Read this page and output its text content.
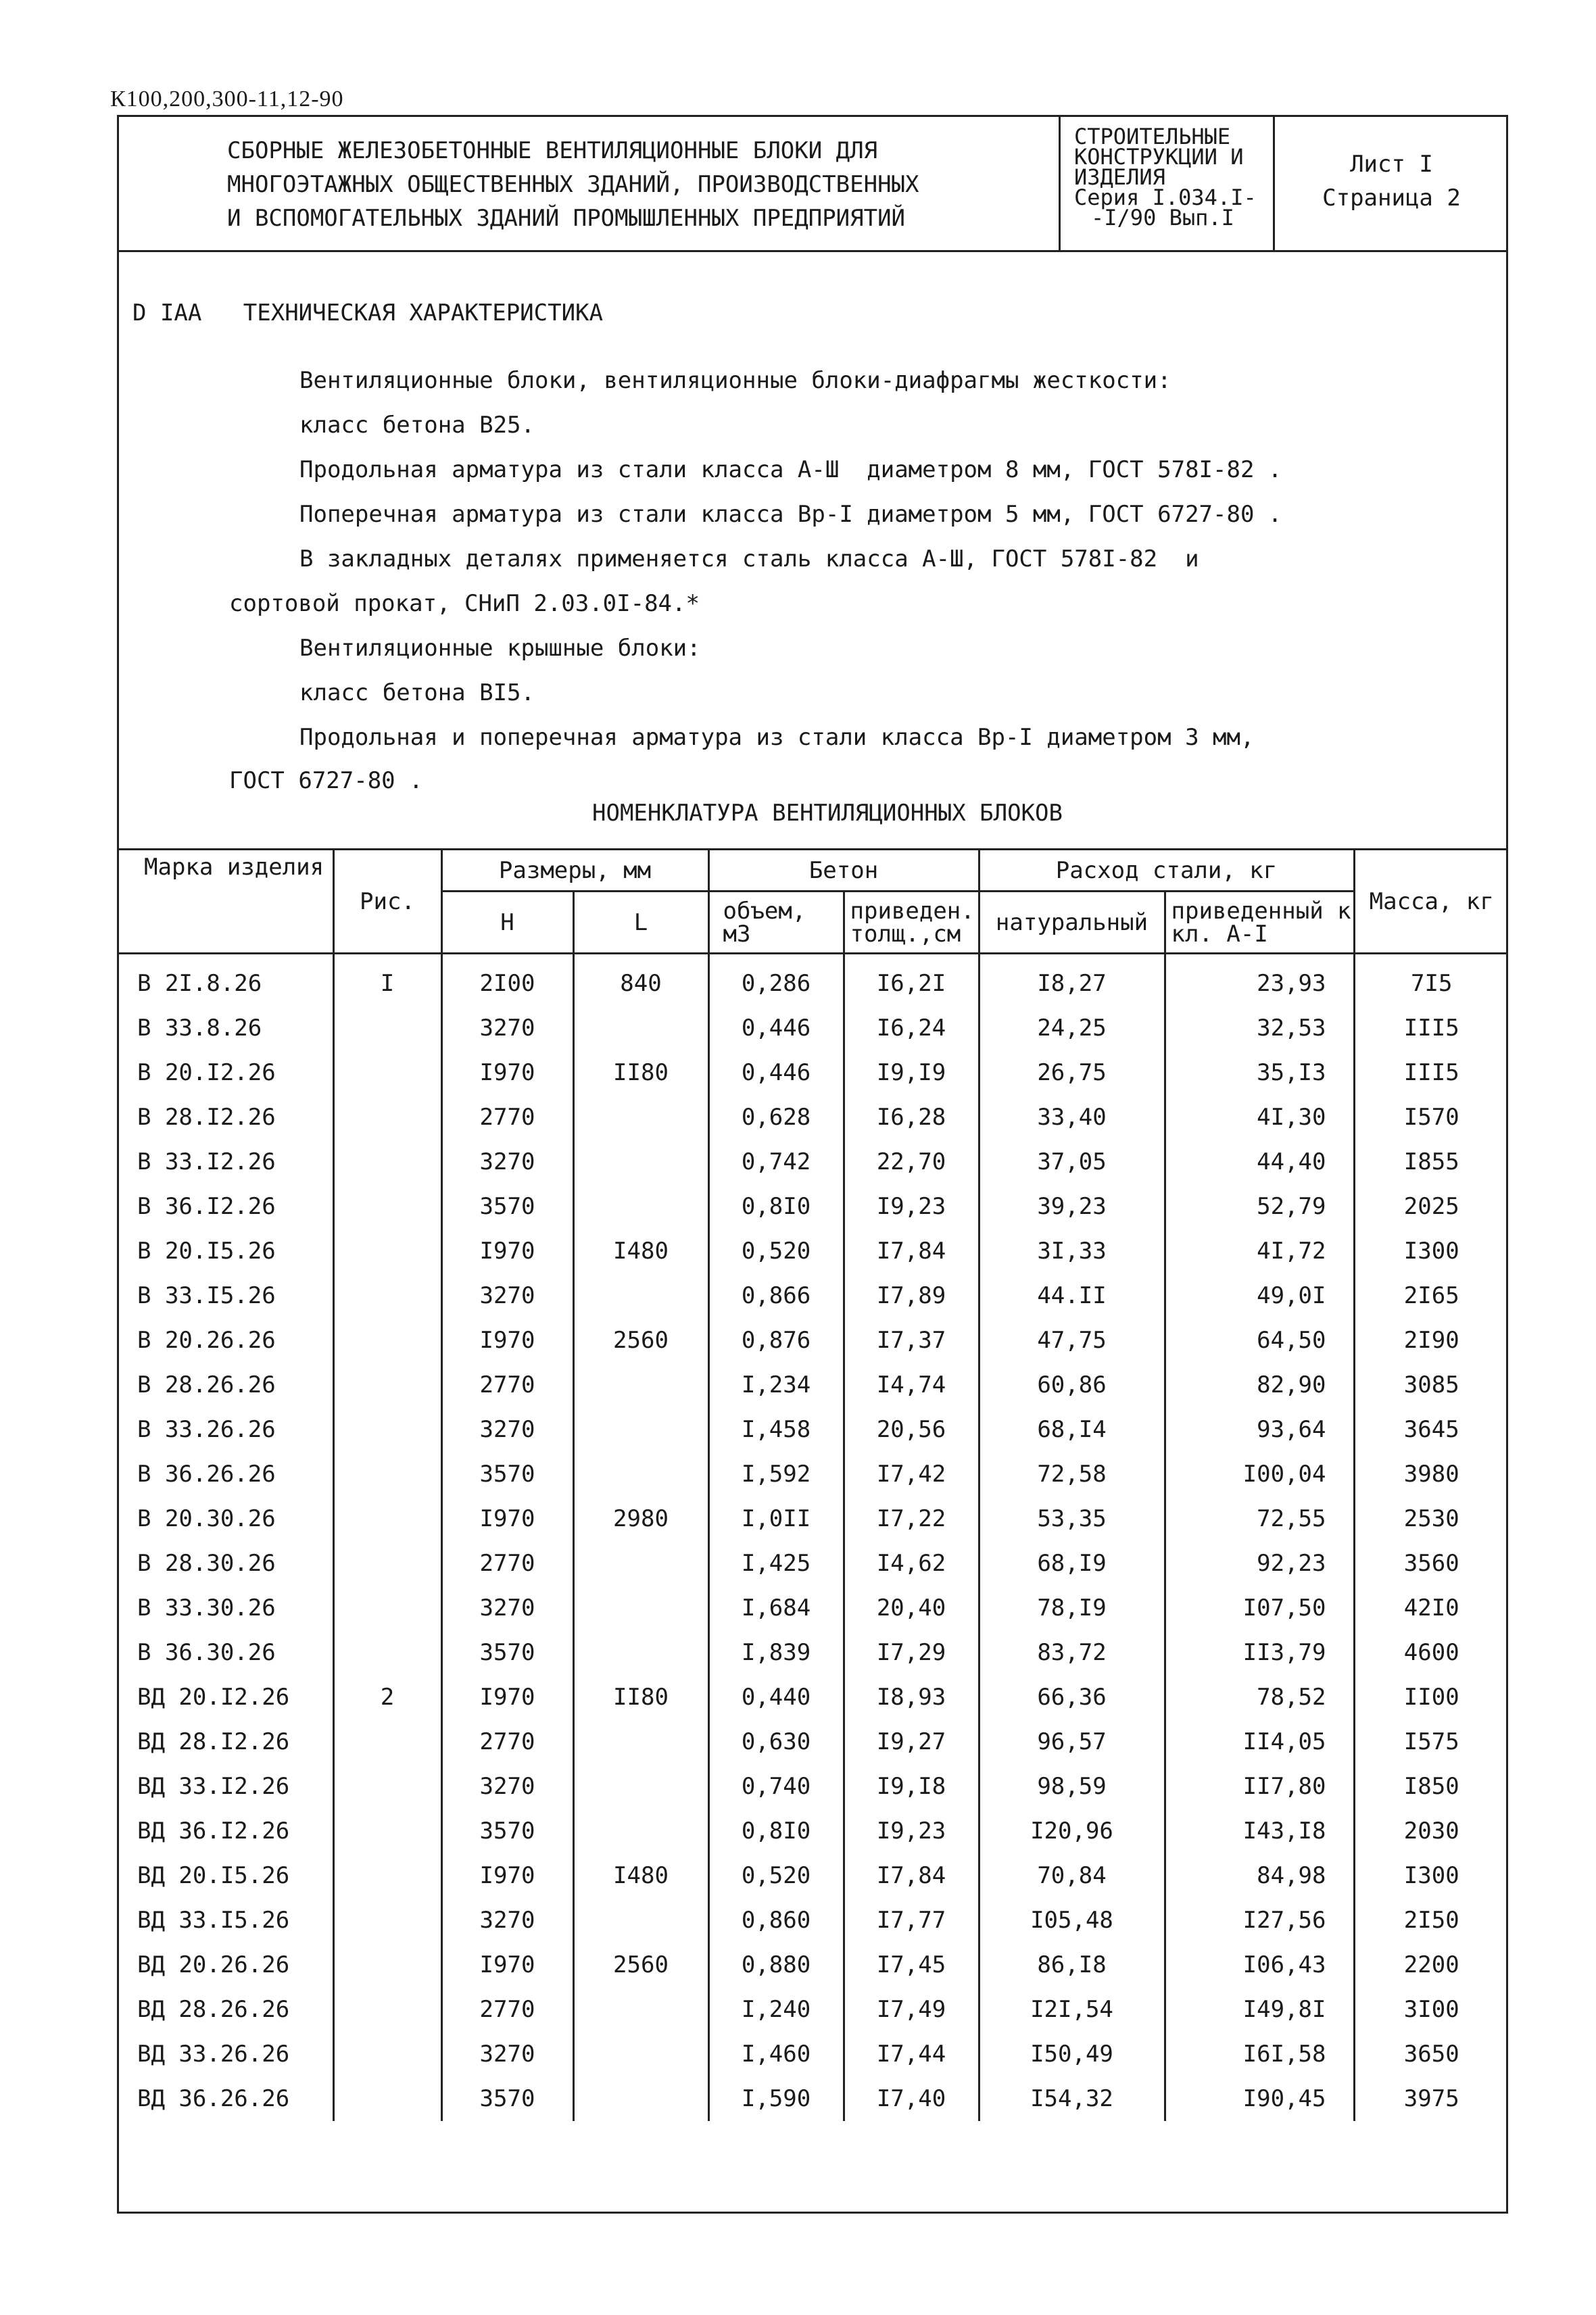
К100,200,300-11,12-90
СБОРНЫЕ ЖЕЛЕЗОБЕТОННЫЕ ВЕНТИЛЯЦИОННЫЕ БЛОКИ ДЛЯ
МНОГОЭТАЖНЫХ ОБЩЕСТВЕННЫХ ЗДАНИЙ, ПРОИЗВОДСТВЕННЫХ
И ВСПОМОГАТЕЛЬНЫХ ЗДАНИЙ ПРОМЫШЛЕННЫХ ПРЕДПРИЯТИЙ
СТРОИТЕЛЬНЫЕ
КОНСТРУКЦИИ И
ИЗДЕЛИЯ
Серия I.034.I-
-I/90 Вып.I
Лист I
Страница 2
D IAA ТЕХНИЧЕСКАЯ ХАРАКТЕРИСТИКА
Вентиляционные блоки, вентиляционные блоки-диафрагмы жесткости:
класс бетона В25.
Продольная арматура из стали класса А-Ш  диаметром 8 мм, ГОСТ 578I-82 .
Поперечная арматура из стали класса Вр-I диаметром 5 мм, ГОСТ 6727-80 .
В закладных деталях применяется сталь класса А-Ш, ГОСТ 578I-82  и
сортовой прокат, СНиП 2.03.0I-84.*
Вентиляционные крышные блоки:
класс бетона ВI5.
Продольная и поперечная арматура из стали класса Вр-I диаметром 3 мм,
ГОСТ 6727-80 .
НОМЕНКЛАТУРА ВЕНТИЛЯЦИОННЫХ БЛОКОВ
Марка изделия	Рис.	Размеры, мм		Бетон		Расход стали, кг		Масса, кг
		Н	L	объем, м3	приведен. толщ.,см	натуральный	приведенный к кл. А-I	
В 2I.8.26	I	2I00	840	0,286	I6,2I	I8,27	23,93	7I5
В 33.8.26		3270		0,446	I6,24	24,25	32,53	III5
В 20.I2.26		I970	II80	0,446	I9,I9	26,75	35,I3	III5
В 28.I2.26		2770		0,628	I6,28	33,40	4I,30	I570
В 33.I2.26		3270		0,742	22,70	37,05	44,40	I855
В 36.I2.26		3570		0,8I0	I9,23	39,23	52,79	2025
В 20.I5.26		I970	I480	0,520	I7,84	3I,33	4I,72	I300
В 33.I5.26		3270		0,866	I7,89	44.II	49,0I	2I65
В 20.26.26		I970	2560	0,876	I7,37	47,75	64,50	2I90
В 28.26.26		2770		I,234	I4,74	60,86	82,90	3085
В 33.26.26		3270		I,458	20,56	68,I4	93,64	3645
В 36.26.26		3570		I,592	I7,42	72,58	I00,04	3980
В 20.30.26		I970	2980	I,0II	I7,22	53,35	72,55	2530
В 28.30.26		2770		I,425	I4,62	68,I9	92,23	3560
В 33.30.26		3270		I,684	20,40	78,I9	I07,50	42I0
В 36.30.26		3570		I,839	I7,29	83,72	II3,79	4600
ВД 20.I2.26	2	I970	II80	0,440	I8,93	66,36	78,52	II00
ВД 28.I2.26		2770		0,630	I9,27	96,57	II4,05	I575
ВД 33.I2.26		3270		0,740	I9,I8	98,59	II7,80	I850
ВД 36.I2.26		3570		0,8I0	I9,23	I20,96	I43,I8	2030
ВД 20.I5.26		I970	I480	0,520	I7,84	70,84	84,98	I300
ВД 33.I5.26		3270		0,860	I7,77	I05,48	I27,56	2I50
ВД 20.26.26		I970	2560	0,880	I7,45	86,I8	I06,43	2200
ВД 28.26.26		2770		I,240	I7,49	I2I,54	I49,8I	3I00
ВД 33.26.26		3270		I,460	I7,44	I50,49	I6I,58	3650
ВД 36.26.26		3570		I,590	I7,40	I54,32	I90,45	3975
